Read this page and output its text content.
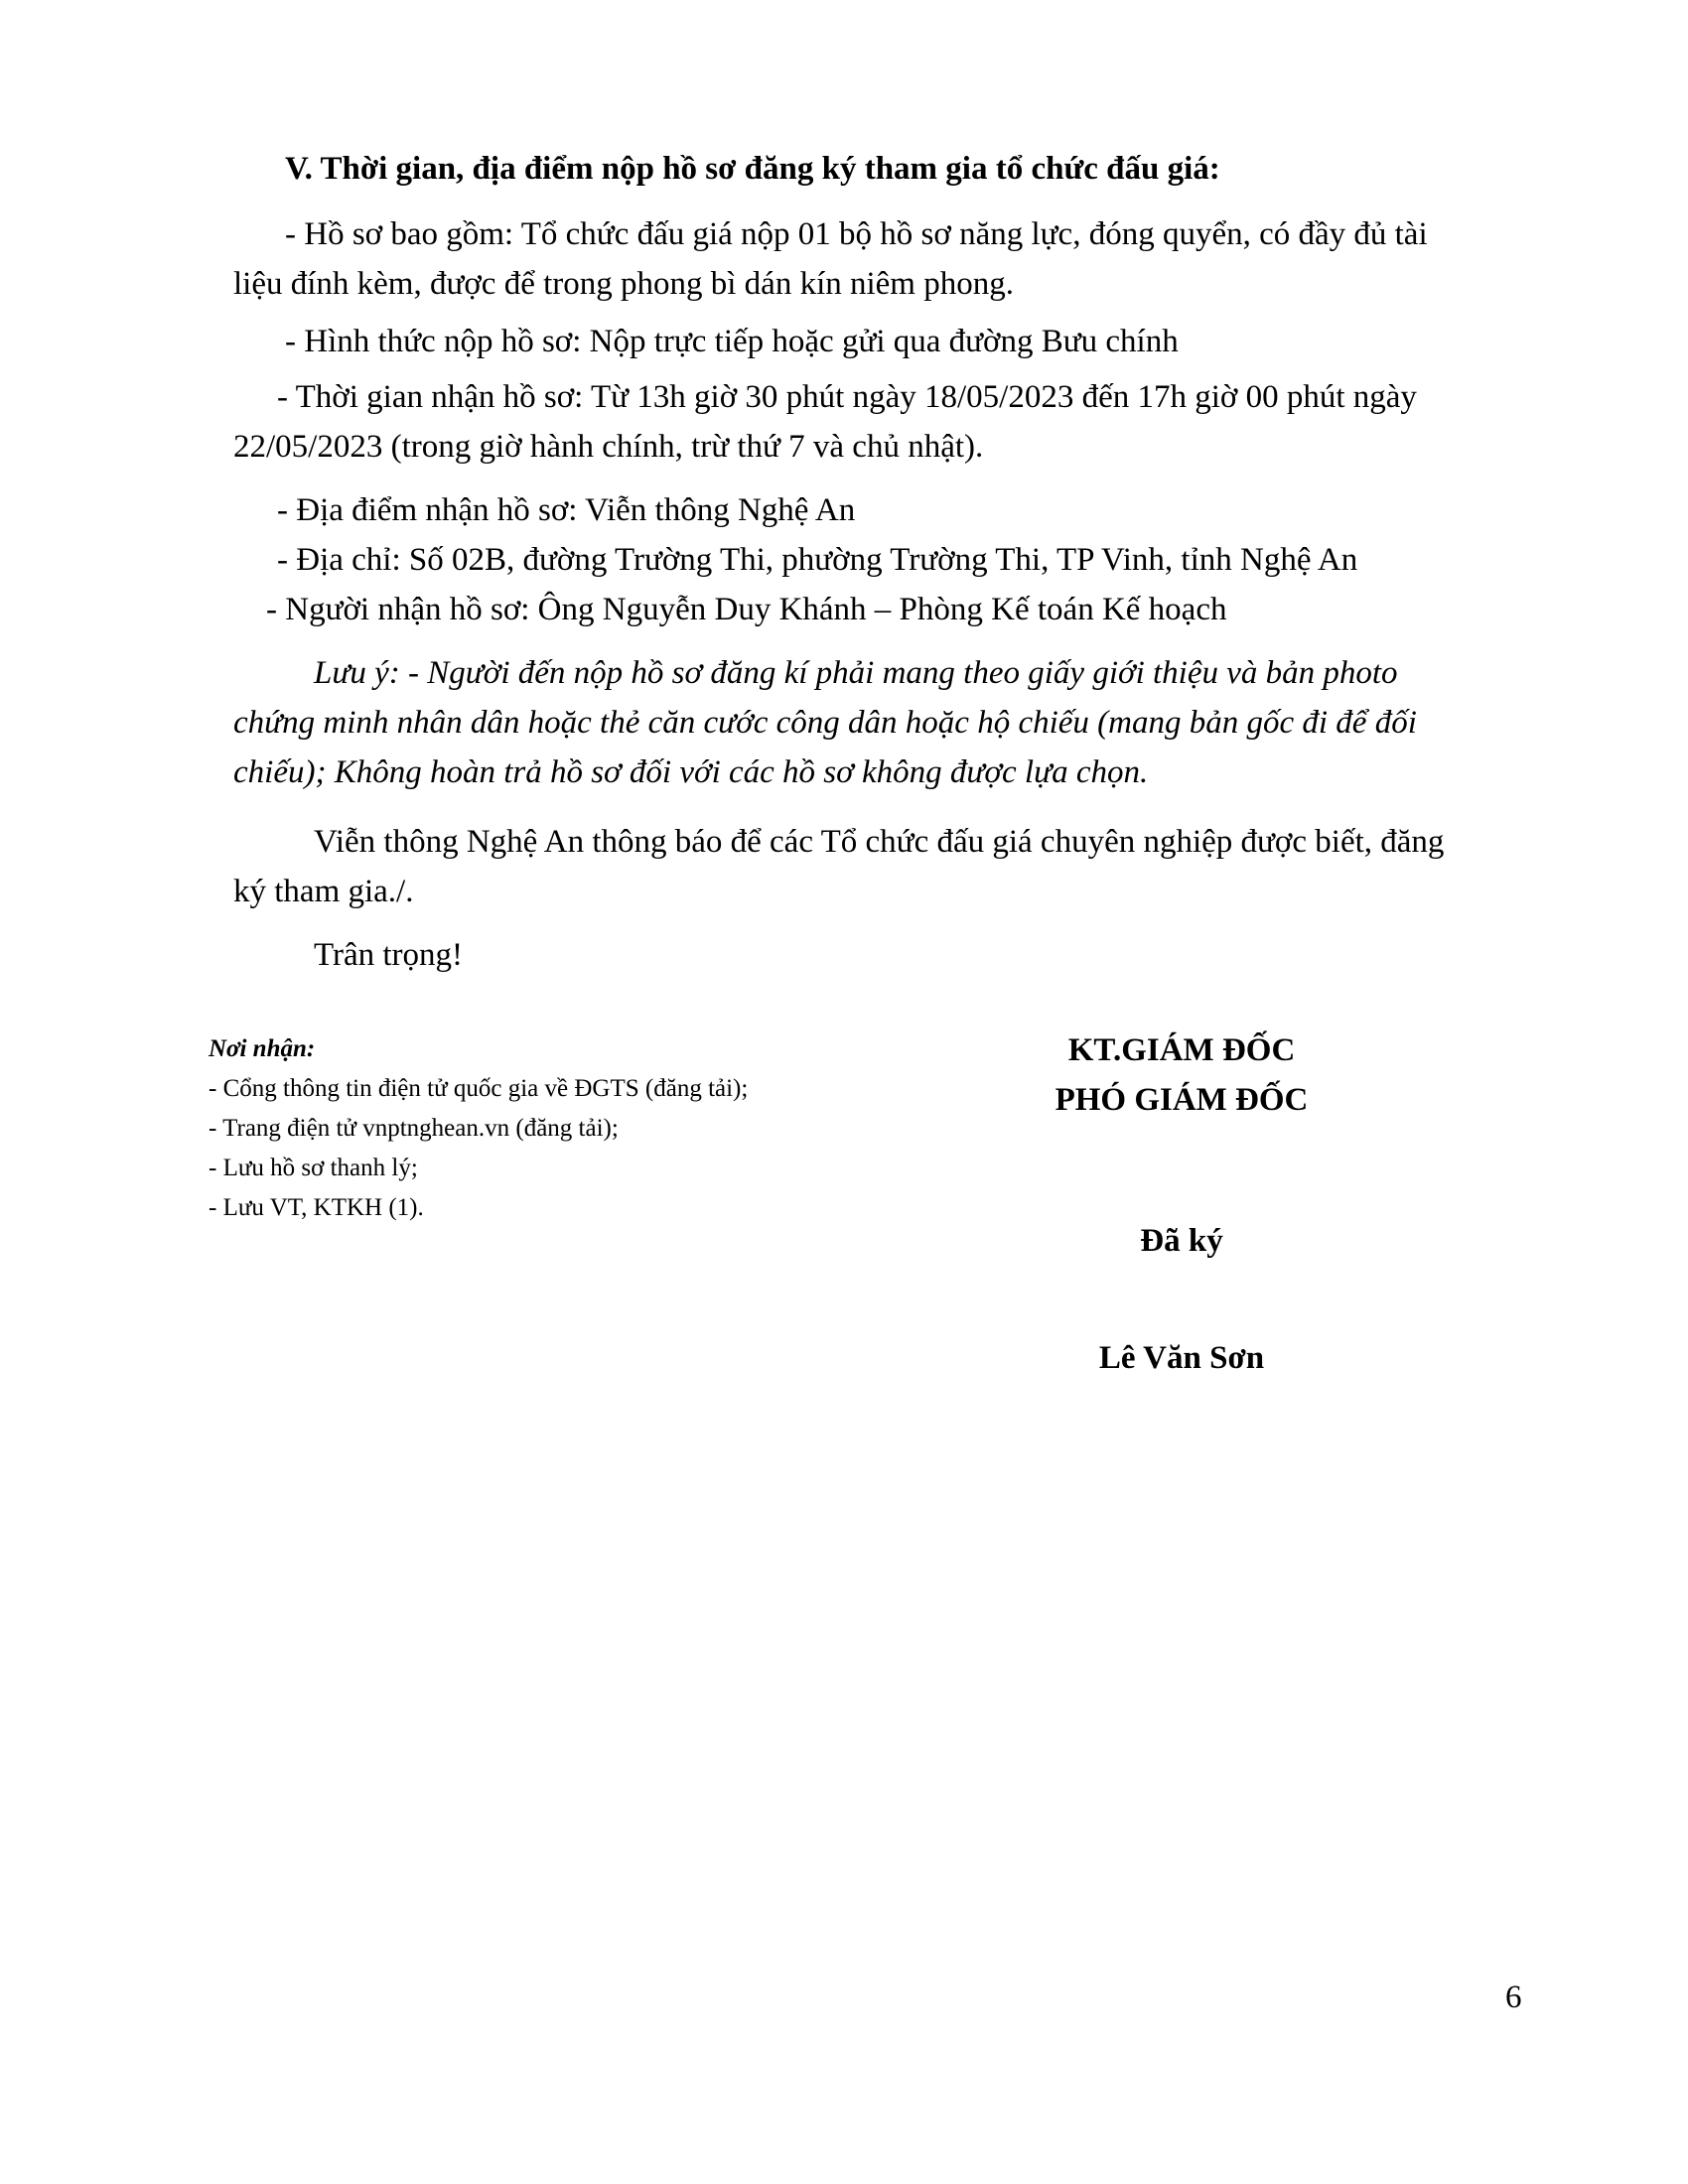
V. Thời gian, địa điểm nộp hồ sơ đăng ký tham gia tổ chức đấu giá:

- Hồ sơ bao gồm: Tổ chức đấu giá nộp 01 bộ hồ sơ năng lực, đóng quyển, có đầy đủ tài

liệu đính kèm, được để trong phong bì dán kín niêm phong.

- Hình thức nộp hồ sơ: Nộp trực tiếp hoặc gửi qua đường Bưu chính

- Thời gian nhận hồ sơ: Từ 13h giờ 30 phút ngày 18/05/2023 đến 17h giờ 00 phút ngày

22/05/2023 (trong giờ hành chính, trừ thứ 7 và chủ nhật).

- Địa điểm nhận hồ sơ: Viễn thông Nghệ An

- Địa chỉ: Số 02B, đường Trường Thi, phường Trường Thi, TP Vinh, tỉnh Nghệ An

- Người nhận hồ sơ: Ông Nguyễn Duy Khánh – Phòng Kế toán Kế hoạch

Lưu ý: - Người đến nộp hồ sơ đăng kí phải mang theo giấy giới thiệu và bản photo

chứng minh nhân dân hoặc thẻ căn cước công dân hoặc hộ chiếu (mang bản gốc đi để đối

chiếu); Không hoàn trả hồ sơ đối với các hồ sơ không được lựa chọn.

Viễn thông Nghệ An thông báo để các Tổ chức đấu giá chuyên nghiệp được biết, đăng

ký tham gia./.

Trân trọng!

Nơi nhận:

- Cổng thông tin điện tử quốc gia về ĐGTS (đăng tải);

- Trang điện tử vnptnghean.vn (đăng tải);

- Lưu hồ sơ thanh lý;

- Lưu VT, KTKH (1).

KT.GIÁM ĐỐC

PHÓ GIÁM ĐỐC

Đã ký

Lê Văn Sơn

6
